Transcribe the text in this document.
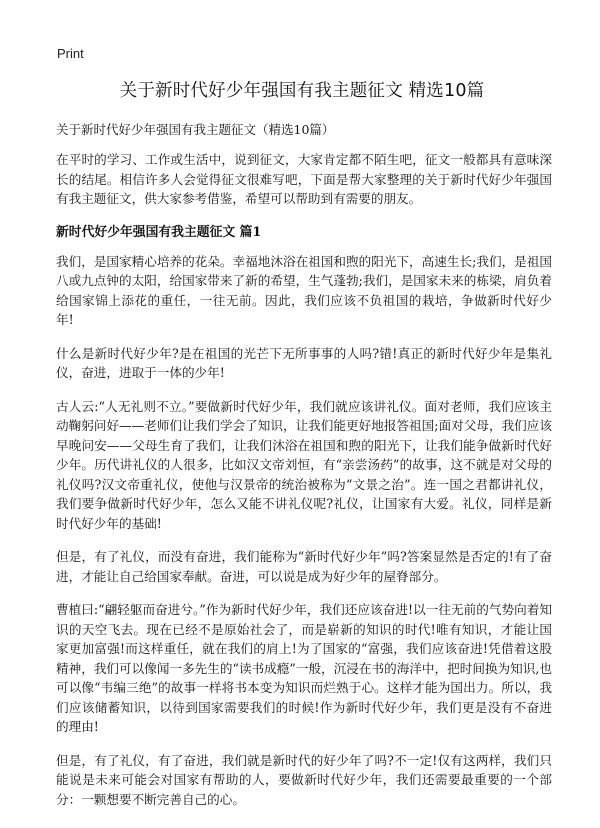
Print
关于新时代好少年强国有我主题征文 精选10篇

关于新时代好少年强国有我主题征文（精选10篇）

在平时的学习、工作或生活中，说到征文，大家肯定都不陌生吧，征文一般都具有意味深长的结尾。相信许多人会觉得征文很难写吧，下面是帮大家整理的关于新时代好少年强国有我主题征文，供大家参考借鉴，希望可以帮助到有需要的朋友。

新时代好少年强国有我主题征文 篇1

我们，是国家精心培养的花朵。幸福地沐浴在祖国和煦的阳光下，高速生长;我们，是祖国八或九点钟的太阳，给国家带来了新的希望，生气蓬勃;我们，是国家未来的栋梁，肩负着给国家锦上添花的重任，一往无前。因此，我们应该不负祖国的栽培，争做新时代好少年!

什么是新时代好少年?是在祖国的光芒下无所事事的人吗?错!真正的新时代好少年是集礼仪，奋进，进取于一体的少年!

古人云:“人无礼则不立。”要做新时代好少年，我们就应该讲礼仪。面对老师，我们应该主动鞠躬问好——老师们让我们学会了知识，让我们能更好地报答祖国;面对父母，我们应该早晚问安——父母生育了我们，让我们沐浴在祖国和煦的阳光下，让我们能争做新时代好少年。历代讲礼仪的人很多，比如汉文帝刘恒，有“亲尝汤药”的故事，这不就是对父母的礼仪吗?汉文帝重礼仪，使他与汉景帝的统治被称为“文景之治”。连一国之君都讲礼仪，我们要争做新时代好少年，怎么又能不讲礼仪呢?礼仪，让国家有大爱。礼仪，同样是新时代好少年的基础!

但是，有了礼仪，而没有奋进，我们能称为“新时代好少年”吗?答案显然是否定的!有了奋进，才能让自己给国家奉献。奋进，可以说是成为好少年的屋脊部分。

曹植曰:“翩轻躯而奋进兮。”作为新时代好少年，我们还应该奋进!以一往无前的气势向着知识的天空飞去。现在已经不是原始社会了，而是崭新的知识的时代!唯有知识，才能让国家更加富强!而这样重任，就在我们的肩上!为了国家的“富强，我们应该奋进!凭借着这股精神，我们可以像闻一多先生的“读书成瘾”一般，沉浸在书的海洋中，把时间换为知识,也可以像“韦编三绝”的故事一样将书本变为知识而烂熟于心。这样才能为国出力。所以，我们应该储蓄知识，以待到国家需要我们的时候!作为新时代好少年，我们更是没有不奋进的理由!

但是，有了礼仪，有了奋进，我们就是新时代的好少年了吗?不一定!仅有这两样，我们只能说是未来可能会对国家有帮助的人，要做新时代好少年，我们还需要最重要的一个部分：一颗想要不断完善自己的心。
